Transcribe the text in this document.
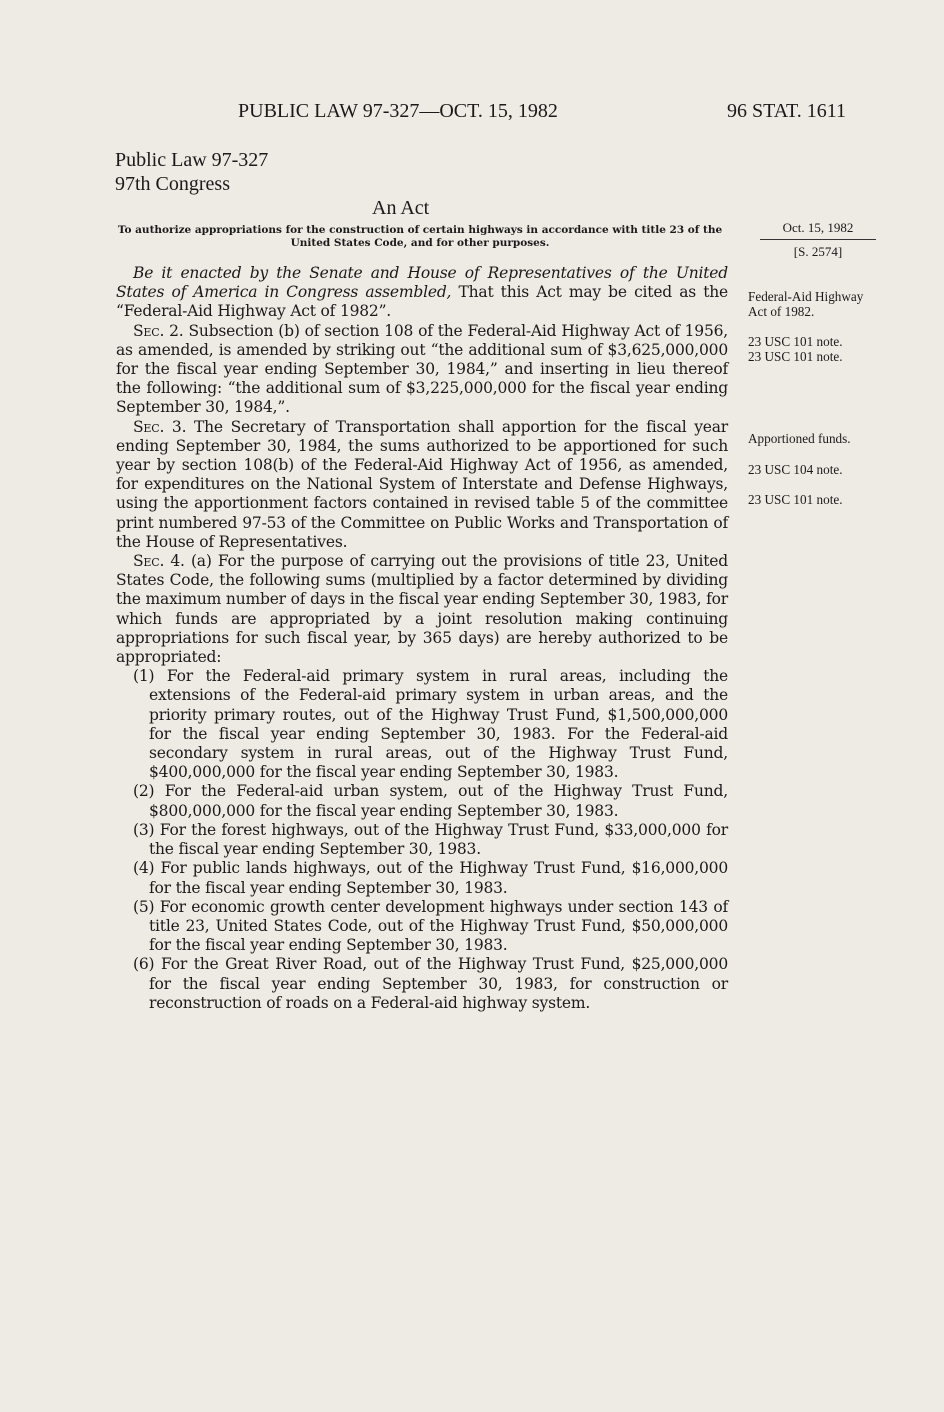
PUBLIC LAW 97-327—OCT. 15, 1982	96 STAT. 1611
Public Law 97-327
97th Congress
An Act
To authorize appropriations for the construction of certain highways in accordance with title 23 of the United States Code, and for other purposes.
Oct. 15, 1982
[S. 2574]

Be it enacted by the Senate and House of Representatives of the United States of America in Congress assembled, That this Act may be cited as the “Federal-Aid Highway Act of 1982”.

Sec. 2. Subsection (b) of section 108 of the Federal-Aid Highway Act of 1956, as amended, is amended by striking out “the additional sum of $3,625,000,000 for the fiscal year ending September 30, 1984,” and inserting in lieu thereof the following: “the additional sum of $3,225,000,000 for the fiscal year ending September 30, 1984,”.

Sec. 3. The Secretary of Transportation shall apportion for the fiscal year ending September 30, 1984, the sums authorized to be apportioned for such year by section 108(b) of the Federal-Aid Highway Act of 1956, as amended, for expenditures on the National System of Interstate and Defense Highways, using the apportionment factors contained in revised table 5 of the committee print numbered 97-53 of the Committee on Public Works and Transportation of the House of Representatives.

Sec. 4. (a) For the purpose of carrying out the provisions of title 23, United States Code, the following sums (multiplied by a factor determined by dividing the maximum number of days in the fiscal year ending September 30, 1983, for which funds are appropriated by a joint resolution making continuing appropriations for such fiscal year, by 365 days) are hereby authorized to be appropriated:

(1) For the Federal-aid primary system in rural areas, including the extensions of the Federal-aid primary system in urban areas, and the priority primary routes, out of the Highway Trust Fund, $1,500,000,000 for the fiscal year ending September 30, 1983. For the Federal-aid secondary system in rural areas, out of the Highway Trust Fund, $400,000,000 for the fiscal year ending September 30, 1983.

(2) For the Federal-aid urban system, out of the Highway Trust Fund, $800,000,000 for the fiscal year ending September 30, 1983.

(3) For the forest highways, out of the Highway Trust Fund, $33,000,000 for the fiscal year ending September 30, 1983.

(4) For public lands highways, out of the Highway Trust Fund, $16,000,000 for the fiscal year ending September 30, 1983.

(5) For economic growth center development highways under section 143 of title 23, United States Code, out of the Highway Trust Fund, $50,000,000 for the fiscal year ending September 30, 1983.

(6) For the Great River Road, out of the Highway Trust Fund, $25,000,000 for the fiscal year ending September 30, 1983, for construction or reconstruction of roads on a Federal-aid highway system.

Federal-Aid Highway Act of 1982.
23 USC 101 note.
23 USC 101 note.
Apportioned funds.
23 USC 104 note.
23 USC 101 note.
